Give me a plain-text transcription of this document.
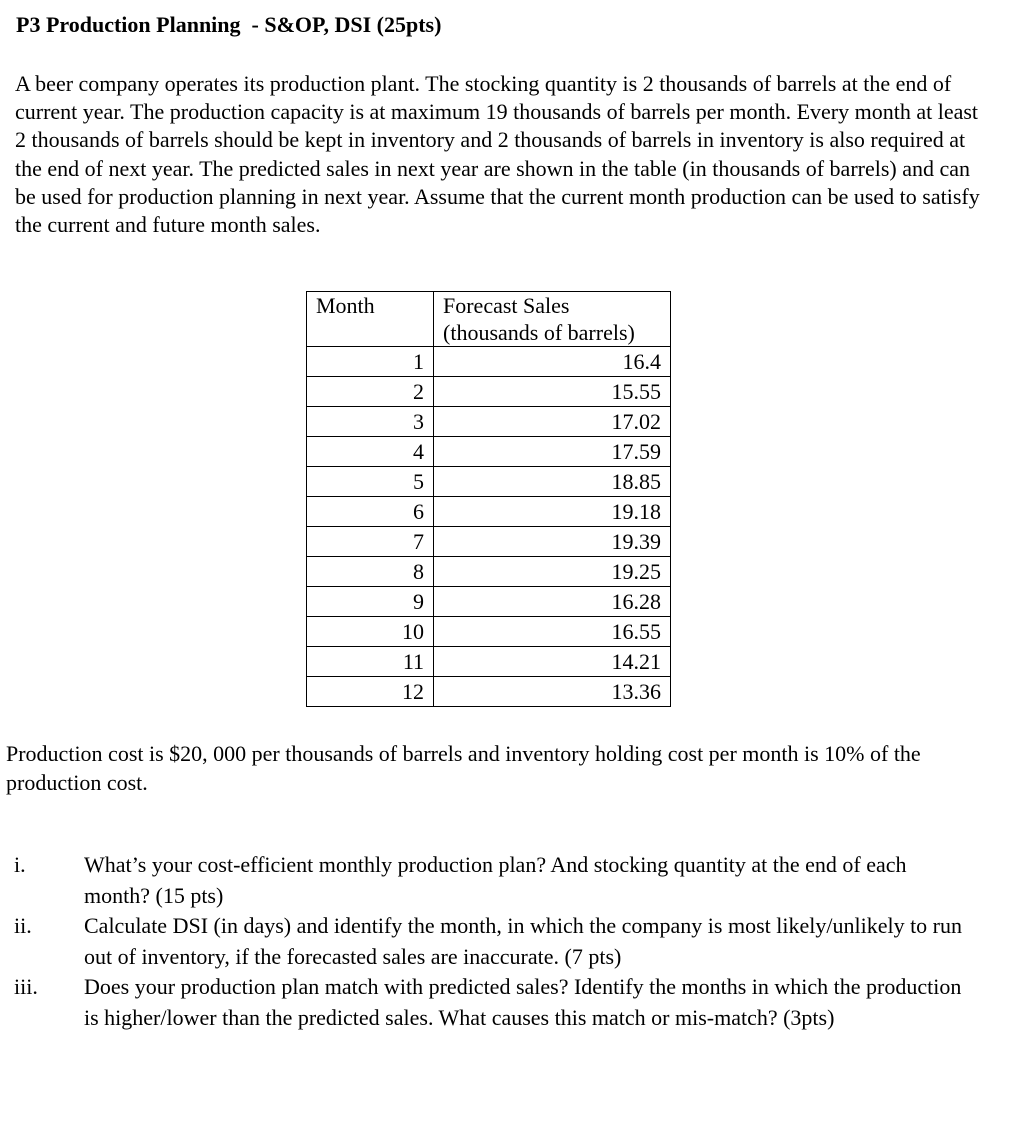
P3 Production Planning  - S&OP, DSI (25pts)
A beer company operates its production plant. The stocking quantity is 2 thousands of barrels at the end of current year. The production capacity is at maximum 19 thousands of barrels per month. Every month at least 2 thousands of barrels should be kept in inventory and 2 thousands of barrels in inventory is also required at the end of next year. The predicted sales in next year are shown in the table (in thousands of barrels) and can be used for production planning in next year. Assume that the current month production can be used to satisfy the current and future month sales.
Month	Forecast Sales (thousands of barrels)
1	16.4
2	15.55
3	17.02
4	17.59
5	18.85
6	19.18
7	19.39
8	19.25
9	16.28
10	16.55
11	14.21
12	13.36
Production cost is $20, 000 per thousands of barrels and inventory holding cost per month is 10% of the production cost.
i.	What’s your cost-efficient monthly production plan? And stocking quantity at the end of each month? (15 pts)
ii. Calculate DSI (in days) and identify the month, in which the company is most likely/unlikely to run out of inventory, if the forecasted sales are inaccurate. (7 pts)
iii. Does your production plan match with predicted sales? Identify the months in which the production is higher/lower than the predicted sales. What causes this match or mis-match? (3pts)
